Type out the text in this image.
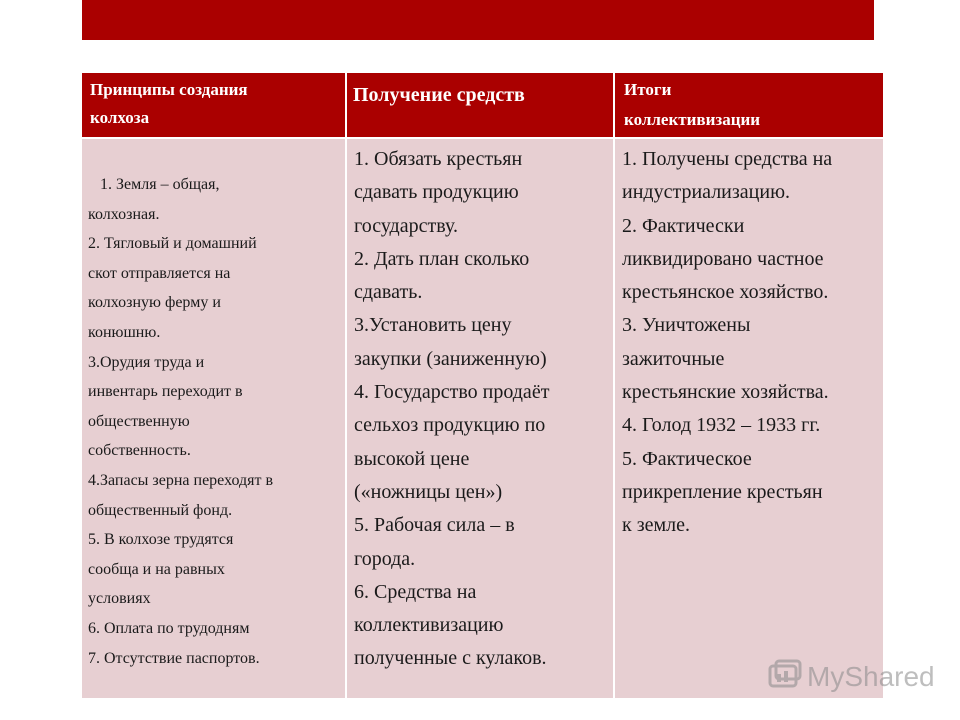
Принципы создания
колхоза
Получение средств	Итоги
коллективизации
1. Земля – общая,
колхозная.
2. Тягловый и домашний
скот отправляется на
колхозную ферму и
конюшню.
3.Орудия труда и
инвентарь переходит в
общественную
собственность.
4.Запасы зерна переходят в
общественный фонд.
5. В колхозе трудятся
сообща и на равных
условиях
6. Оплата по трудодням
7. Отсутствие паспортов.
1. Обязать крестьян
сдавать продукцию
государству.
2. Дать план сколько
сдавать.
3.Установить цену
закупки (заниженную)
4. Государство продаёт
сельхоз продукцию по
высокой цене
(«ножницы цен»)
5. Рабочая сила – в
города.
6. Средства на
коллективизацию
полученные с кулаков.
1. Получены средства на
индустриализацию.
2. Фактически
ликвидировано частное
крестьянское хозяйство.
3. Уничтожены
зажиточные
крестьянские хозяйства.
4. Голод 1932 – 1933 гг.
5. Фактическое
прикрепление крестьян
к земле.
MyShared
